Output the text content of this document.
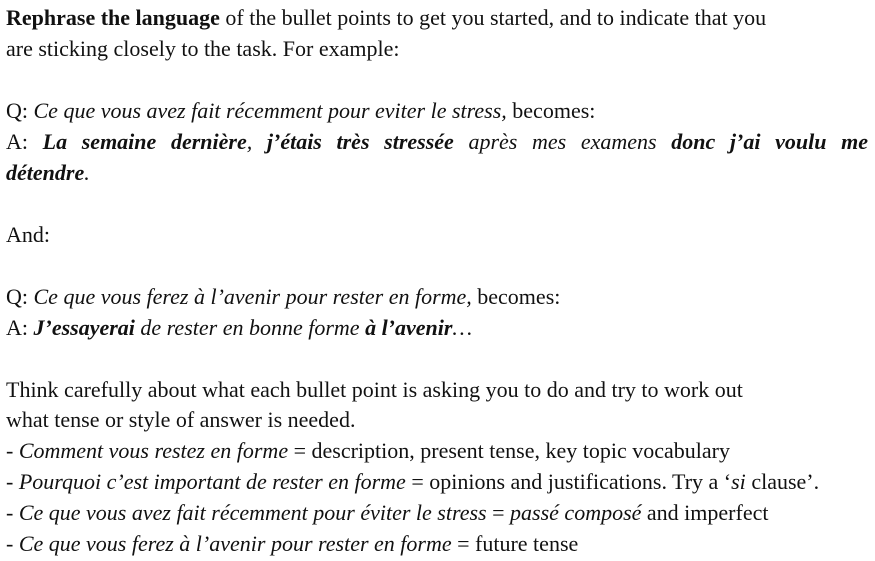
Rephrase the language of the bullet points to get you started, and to indicate that you
are sticking closely to the task. For example:
Q: Ce que vous avez fait récemment pour eviter le stress, becomes:
A: La semaine dernière, j’étais très stressée après mes examens donc j’ai voulu me
détendre.
And:
Q: Ce que vous ferez à l’avenir pour rester en forme, becomes:
A: J’essayerai de rester en bonne forme à l’avenir…
Think carefully about what each bullet point is asking you to do and try to work out
what tense or style of answer is needed.
- Comment vous restez en forme = description, present tense, key topic vocabulary
- Pourquoi c’est important de rester en forme = opinions and justifications. Try a ‘si clause’.
- Ce que vous avez fait récemment pour éviter le stress = passé composé and imperfect
- Ce que vous ferez à l’avenir pour rester en forme = future tense
